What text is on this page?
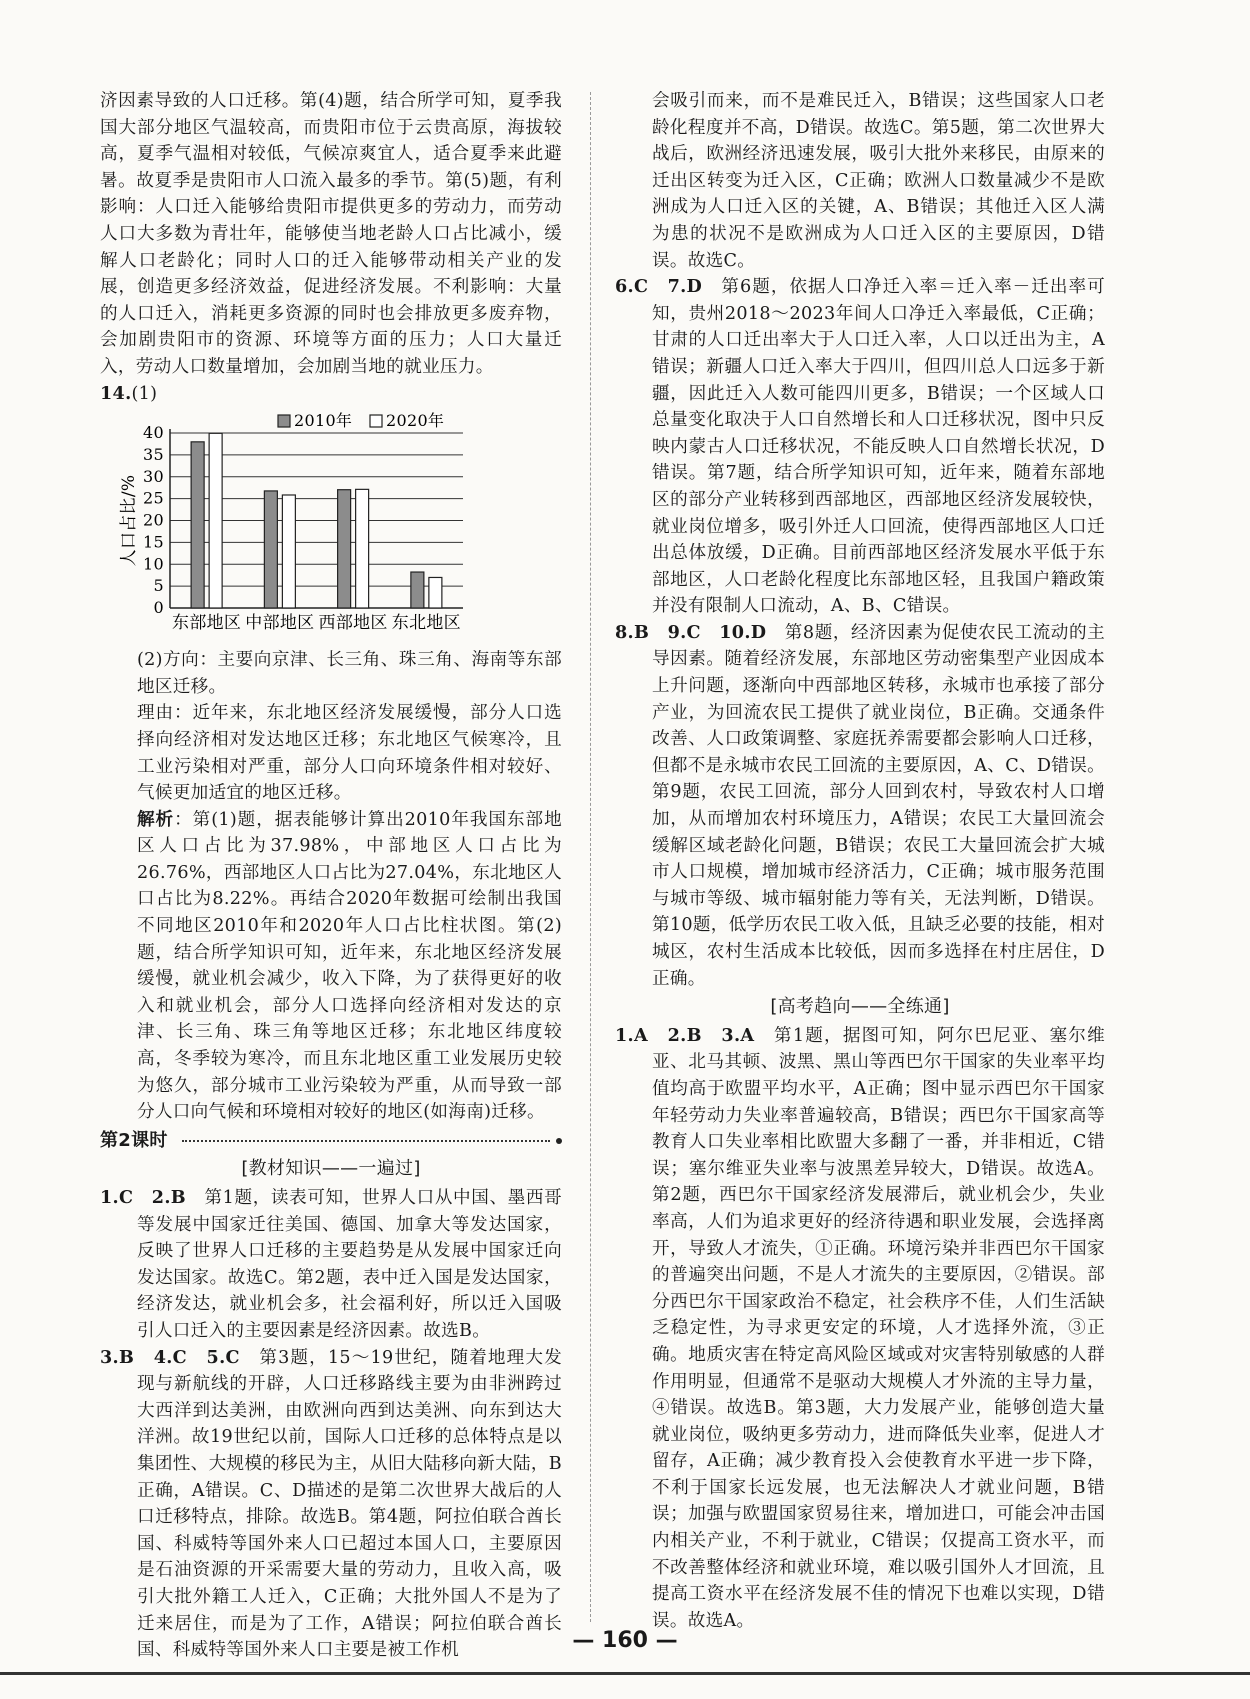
济因素导致的人口迁移。第(4)题，结合所学可知，夏季我国大部分地区气温较高，而贵阳市位于云贵高原，海拔较高，夏季气温相对较低，气候凉爽宜人，适合夏季来此避暑。故夏季是贵阳市人口流入最多的季节。第(5)题，有利影响：人口迁入能够给贵阳市提供更多的劳动力，而劳动人口大多数为青壮年，能够使当地老龄人口占比减小，缓解人口老龄化；同时人口的迁入能够带动相关产业的发展，创造更多经济效益，促进经济发展。不利影响：大量的人口迁入，消耗更多资源的同时也会排放更多废弃物，会加剧贵阳市的资源、环境等方面的压力；人口大量迁入，劳动人口数量增加，会加剧当地的就业压力。

14.(1)

0
5
10
15
20
25
30
35
40
人口占比/%
东部地区 中部地区 西部地区 东北地区
2010年 2020年

(2)方向：主要向京津、长三角、珠三角、海南等东部地区迁移。

理由：近年来，东北地区经济发展缓慢，部分人口选择向经济相对发达地区迁移；东北地区气候寒冷，且工业污染相对严重，部分人口向环境条件相对较好、气候更加适宜的地区迁移。

解析：第(1)题，据表能够计算出2010年我国东部地区人口占比为37.98%，中部地区人口占比为26.76%，西部地区人口占比为27.04%，东北地区人口占比为8.22%。再结合2020年数据可绘制出我国不同地区2010年和2020年人口占比柱状图。第(2)题，结合所学知识可知，近年来，东北地区经济发展缓慢，就业机会减少，收入下降，为了获得更好的收入和就业机会，部分人口选择向经济相对发达的京津、长三角、珠三角等地区迁移；东北地区纬度较高，冬季较为寒冷，而且东北地区重工业发展历史较为悠久，部分城市工业污染较为严重，从而导致一部分人口向气候和环境相对较好的地区(如海南)迁移。

第2课时
[教材知识——一遍过]

1.C　2.B　第1题，读表可知，世界人口从中国、墨西哥等发展中国家迁往美国、德国、加拿大等发达国家，反映了世界人口迁移的主要趋势是从发展中国家迁向发达国家。故选C。第2题，表中迁入国是发达国家，经济发达，就业机会多，社会福利好，所以迁入国吸引人口迁入的主要因素是经济因素。故选B。

3.B　4.C　5.C　第3题，15～19世纪，随着地理大发现与新航线的开辟，人口迁移路线主要为由非洲跨过大西洋到达美洲，由欧洲向西到达美洲、向东到达大洋洲。故19世纪以前，国际人口迁移的总体特点是以集团性、大规模的移民为主，从旧大陆移向新大陆，B正确，A错误。C、D描述的是第二次世界大战后的人口迁移特点，排除。故选B。第4题，阿拉伯联合酋长国、科威特等国外来人口已超过本国人口，主要原因是石油资源的开采需要大量的劳动力，且收入高，吸引大批外籍工人迁入，C正确；大批外国人不是为了迁来居住，而是为了工作，A错误；阿拉伯联合酋长国、科威特等国外来人口主要是被工作机

会吸引而来，而不是难民迁入，B错误；这些国家人口老龄化程度并不高，D错误。故选C。第5题，第二次世界大战后，欧洲经济迅速发展，吸引大批外来移民，由原来的迁出区转变为迁入区，C正确；欧洲人口数量减少不是欧洲成为人口迁入区的关键，A、B错误；其他迁入区人满为患的状况不是欧洲成为人口迁入区的主要原因，D错误。故选C。

6.C　7.D　第6题，依据人口净迁入率＝迁入率－迁出率可知，贵州2018～2023年间人口净迁入率最低，C正确；甘肃的人口迁出率大于人口迁入率，人口以迁出为主，A错误；新疆人口迁入率大于四川，但四川总人口远多于新疆，因此迁入人数可能四川更多，B错误；一个区域人口总量变化取决于人口自然增长和人口迁移状况，图中只反映内蒙古人口迁移状况，不能反映人口自然增长状况，D错误。第7题，结合所学知识可知，近年来，随着东部地区的部分产业转移到西部地区，西部地区经济发展较快，就业岗位增多，吸引外迁人口回流，使得西部地区人口迁出总体放缓，D正确。目前西部地区经济发展水平低于东部地区，人口老龄化程度比东部地区轻，且我国户籍政策并没有限制人口流动，A、B、C错误。

8.B　9.C　10.D　第8题，经济因素为促使农民工流动的主导因素。随着经济发展，东部地区劳动密集型产业因成本上升问题，逐渐向中西部地区转移，永城市也承接了部分产业，为回流农民工提供了就业岗位，B正确。交通条件改善、人口政策调整、家庭抚养需要都会影响人口迁移，但都不是永城市农民工回流的主要原因，A、C、D错误。第9题，农民工回流，部分人回到农村，导致农村人口增加，从而增加农村环境压力，A错误；农民工大量回流会缓解区域老龄化问题，B错误；农民工大量回流会扩大城市人口规模，增加城市经济活力，C正确；城市服务范围与城市等级、城市辐射能力等有关，无法判断，D错误。第10题，低学历农民工收入低，且缺乏必要的技能，相对城区，农村生活成本比较低，因而多选择在村庄居住，D正确。

[高考趋向——全练通]

1.A　2.B　3.A　第1题，据图可知，阿尔巴尼亚、塞尔维亚、北马其顿、波黑、黑山等西巴尔干国家的失业率平均值均高于欧盟平均水平，A正确；图中显示西巴尔干国家年轻劳动力失业率普遍较高，B错误；西巴尔干国家高等教育人口失业率相比欧盟大多翻了一番，并非相近，C错误；塞尔维亚失业率与波黑差异较大，D错误。故选A。第2题，西巴尔干国家经济发展滞后，就业机会少，失业率高，人们为追求更好的经济待遇和职业发展，会选择离开，导致人才流失，①正确。环境污染并非西巴尔干国家的普遍突出问题，不是人才流失的主要原因，②错误。部分西巴尔干国家政治不稳定，社会秩序不佳，人们生活缺乏稳定性，为寻求更安定的环境，人才选择外流，③正确。地质灾害在特定高风险区域或对灾害特别敏感的人群作用明显，但通常不是驱动大规模人才外流的主导力量，④错误。故选B。第3题，大力发展产业，能够创造大量就业岗位，吸纳更多劳动力，进而降低失业率，促进人才留存，A正确；减少教育投入会使教育水平进一步下降，不利于国家长远发展，也无法解决人才就业问题，B错误；加强与欧盟国家贸易往来，增加进口，可能会冲击国内相关产业，不利于就业，C错误；仅提高工资水平，而不改善整体经济和就业环境，难以吸引国外人才回流，且提高工资水平在经济发展不佳的情况下也难以实现，D错误。故选A。

— 160 —
